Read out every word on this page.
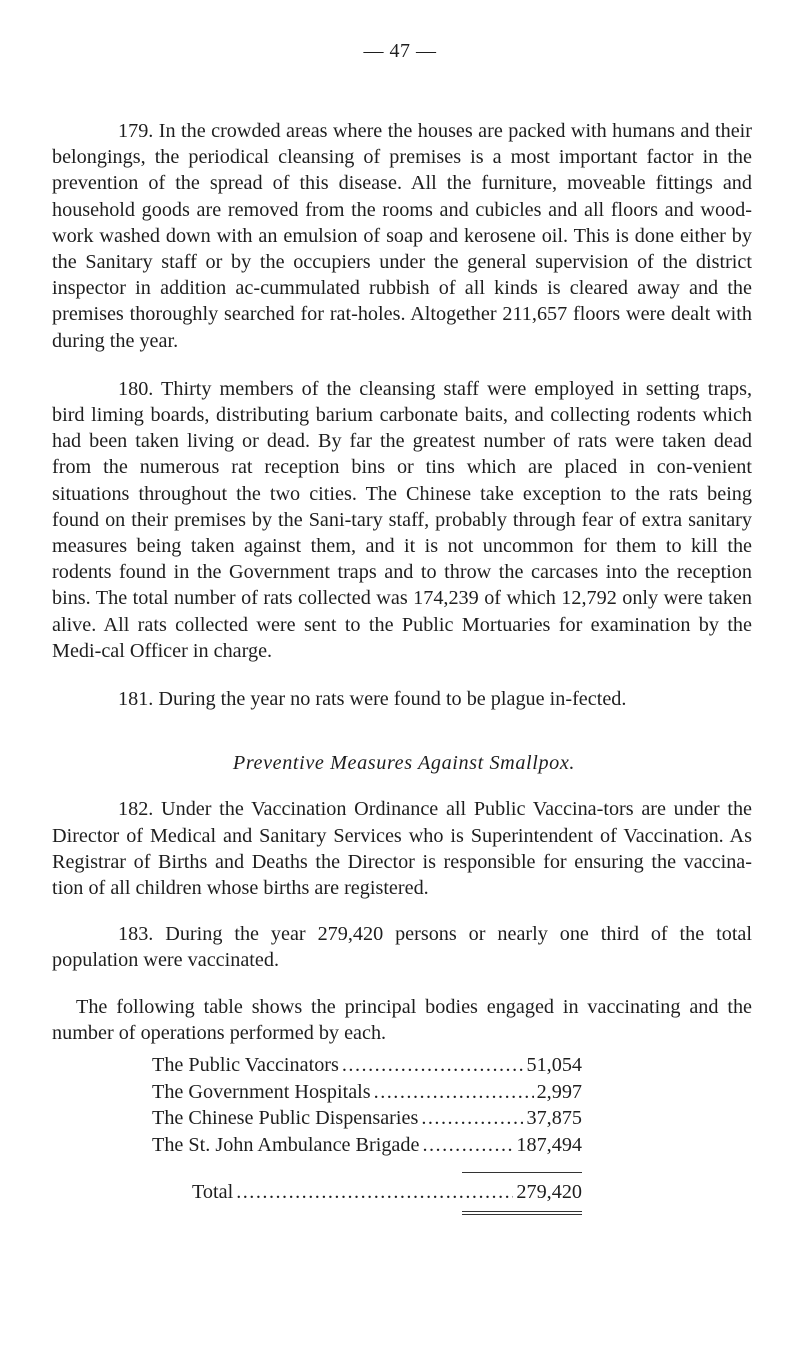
— 47 —

179. In the crowded areas where the houses are packed with humans and their belongings, the periodical cleansing of premises is a most important factor in the prevention of the spread of this disease. All the furniture, moveable fittings and household goods are removed from the rooms and cubicles and all floors and wood-work washed down with an emulsion of soap and kerosene oil. This is done either by the Sanitary staff or by the occupiers under the general supervision of the district inspector in addition ac-cummulated rubbish of all kinds is cleared away and the premises thoroughly searched for rat-holes. Altogether 211,657 floors were dealt with during the year.

180. Thirty members of the cleansing staff were employed in setting traps, bird liming boards, distributing barium carbonate baits, and collecting rodents which had been taken living or dead. By far the greatest number of rats were taken dead from the numerous rat reception bins or tins which are placed in con-venient situations throughout the two cities. The Chinese take exception to the rats being found on their premises by the Sani-tary staff, probably through fear of extra sanitary measures being taken against them, and it is not uncommon for them to kill the rodents found in the Government traps and to throw the carcases into the reception bins. The total number of rats collected was 174,239 of which 12,792 only were taken alive. All rats collected were sent to the Public Mortuaries for examination by the Medi-cal Officer in charge.

181. During the year no rats were found to be plague in-fected.

Preventive Measures Against Smallpox.

182. Under the Vaccination Ordinance all Public Vaccina-tors are under the Director of Medical and Sanitary Services who is Superintendent of Vaccination. As Registrar of Births and Deaths the Director is responsible for ensuring the vaccina-tion of all children whose births are registered.

183. During the year 279,420 persons or nearly one third of the total population were vaccinated.

The following table shows the principal bodies engaged in vaccinating and the number of operations performed by each.

The Public Vaccinators .....	51,054
The Government Hospitals .....	2,997
The Chinese Public Dispensaries .....	37,875
The St. John Ambulance Brigade .....	187,494
Total .....	279,420
